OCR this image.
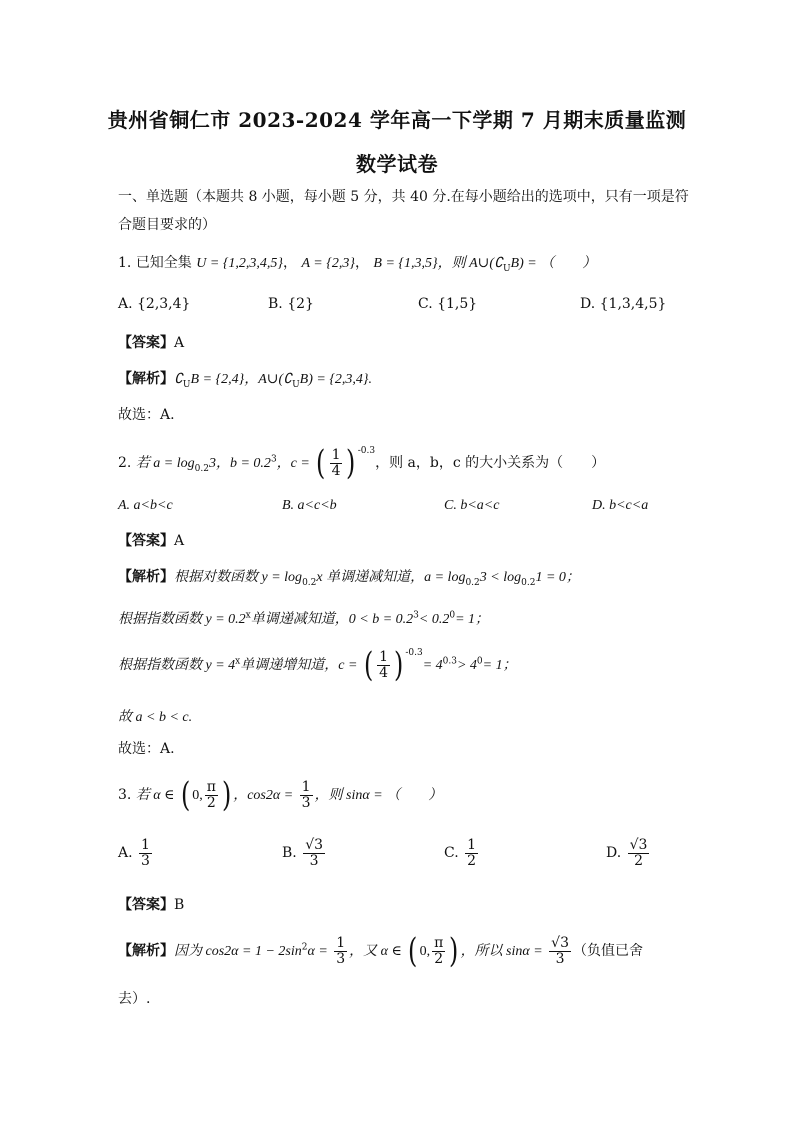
贵州省铜仁市 2023-2024 学年高一下学期 7 月期末质量监测
数学试卷
一、单选题（本题共 8 小题，每小题 5 分，共 40 分.在每小题给出的选项中，只有一项是符
合题目要求的）
1. 已知全集 U = {1,2,3,4,5}， A = {2,3}， B = {1,3,5}，则 $A\cup(∁_UB)$ = （　　）
A. {2,3,4}	B. {2}	C. {1,5}	D. {1,3,4,5}
【答案】A
【解析】$∁_UB = \{2,4\}$，$A\cup(∁_UB) = \{2,3,4\}$.
故选：A.
2. 若 $a = \log_{0.2}3$，$b = 0.2^3$，c = ( $\frac{1}{4}$ ) $^{-0.3}$，则 a，b，c 的大小关系为（　　）
A. a<b<c	B. a<c<b	C. b<a<c	D. b<c<a
【答案】A
【解析】根据对数函数 $y = \log_{0.2}x$ 单调递减知道，$a = \log_{0.2}3 < \log_{0.2}1 = 0$；
根据指数函数 $y = 0.2^x$单调递减知道，$0 < b = 0.2^3< 0.2^0= 1$；
根据指数函数 $y = 4^x$单调递增知道，c = ( $\frac{1}{4}$ ) $^{-0.3}= 4^{0.3}> 4^0= 1$；
故 a < b < c.
故选：A.
3. 若 α ∈ ( 0, $\frac{\pi}{2}$ ) ，$\cos 2\alpha = \frac{1}{3}$ ，则 sinα = （　　）
A. $\frac{1}{3}$	B. $\frac{√3}{3}$	C. $\frac{1}{2}$	D. $\frac{√3}{2}$
【答案】B
【解析】因为 $\cos 2\alpha = 1 - 2\sin^2\alpha = \frac{1}{3}$ ，又 α ∈ ( 0, $\frac{\pi}{2}$ ) ，所以 $\sin\alpha = \frac{√3}{3}$ （负值已舍
去）.
